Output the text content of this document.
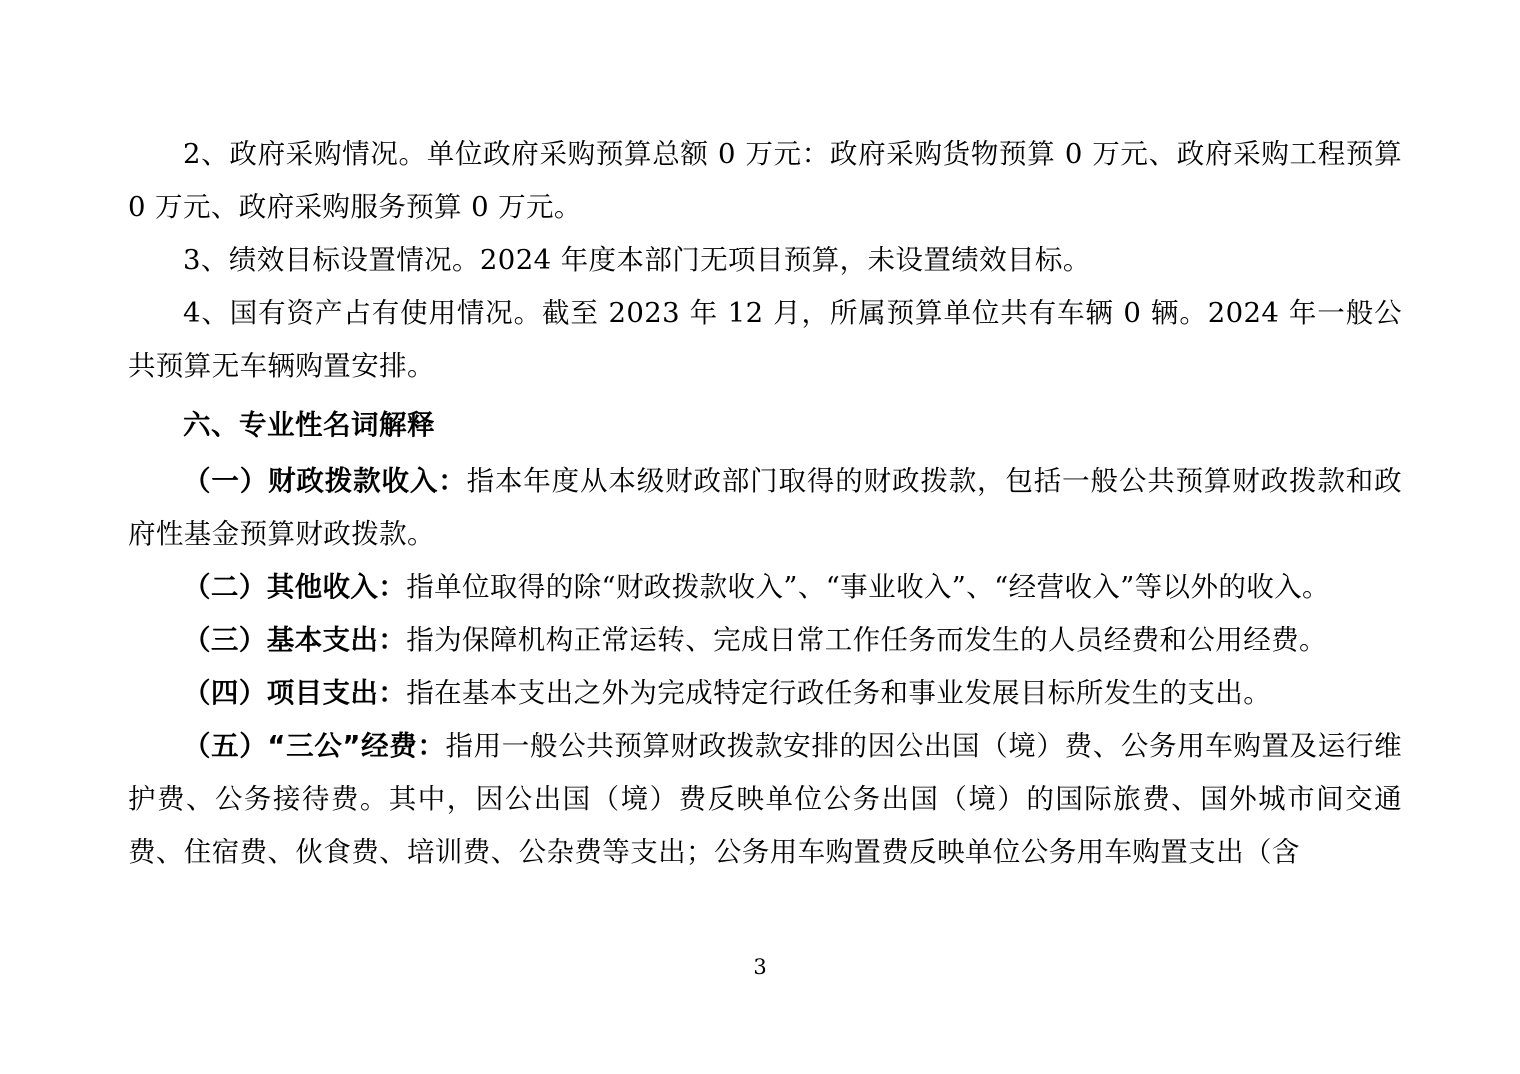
2、政府采购情况。单位政府采购预算总额 0 万元：政府采购货物预算 0 万元、政府采购工程预算 0 万元、政府采购服务预算 0 万元。

3、绩效目标设置情况。2024 年度本部门无项目预算，未设置绩效目标。

4、国有资产占有使用情况。截至 2023 年 12 月，所属预算单位共有车辆 0 辆。2024 年一般公共预算无车辆购置安排。

六、专业性名词解释

（一）财政拨款收入：指本年度从本级财政部门取得的财政拨款，包括一般公共预算财政拨款和政府性基金预算财政拨款。

（二）其他收入：指单位取得的除“财政拨款收入”、“事业收入”、“经营收入”等以外的收入。

（三）基本支出：指为保障机构正常运转、完成日常工作任务而发生的人员经费和公用经费。

（四）项目支出：指在基本支出之外为完成特定行政任务和事业发展目标所发生的支出。

（五）“三公”经费：指用一般公共预算财政拨款安排的因公出国（境）费、公务用车购置及运行维护费、公务接待费。其中，因公出国（境）费反映单位公务出国（境）的国际旅费、国外城市间交通费、住宿费、伙食费、培训费、公杂费等支出；公务用车购置费反映单位公务用车购置支出（含

3
